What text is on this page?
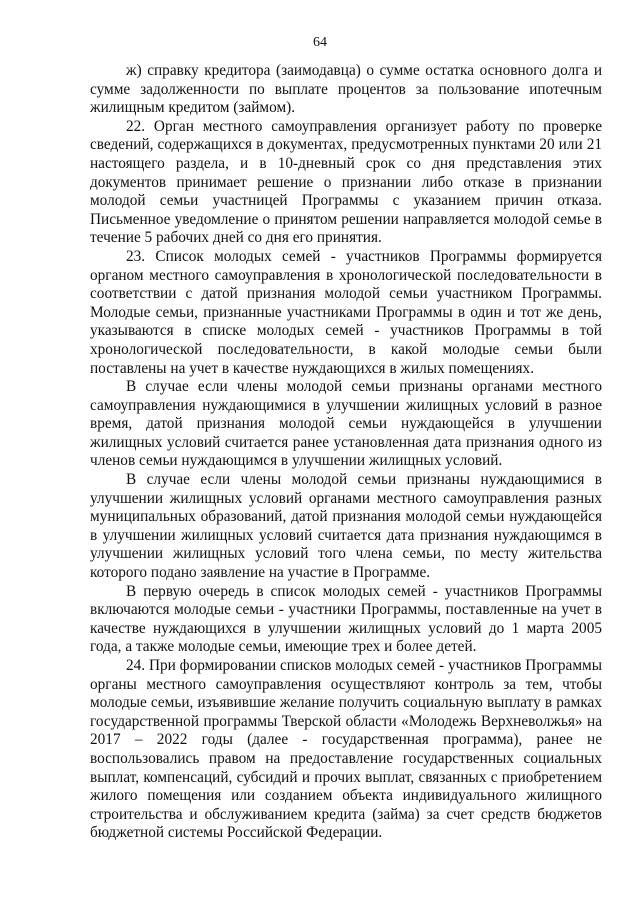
64

ж) справку кредитора (заимодавца) о сумме остатка основного долга и сумме задолженности по выплате процентов за пользование ипотечным жилищным кредитом (займом).

22. Орган местного самоуправления организует работу по проверке сведений, содержащихся в документах, предусмотренных пунктами 20 или 21 настоящего раздела, и в 10-дневный срок со дня представления этих документов принимает решение о признании либо отказе в признании молодой семьи участницей Программы с указанием причин отказа. Письменное уведомление о принятом решении направляется молодой семье в течение 5 рабочих дней со дня его принятия.

23. Список молодых семей - участников Программы формируется органом местного самоуправления в хронологической последовательности в соответствии с датой признания молодой семьи участником Программы. Молодые семьи, признанные участниками Программы в один и тот же день, указываются в списке молодых семей - участников Программы в той хронологической последовательности, в какой молодые семьи были поставлены на учет в качестве нуждающихся в жилых помещениях.

В случае если члены молодой семьи признаны органами местного самоуправления нуждающимися в улучшении жилищных условий в разное время, датой признания молодой семьи нуждающейся в улучшении жилищных условий считается ранее установленная дата признания одного из членов семьи нуждающимся в улучшении жилищных условий.

В случае если члены молодой семьи признаны нуждающимися в улучшении жилищных условий органами местного самоуправления разных муниципальных образований, датой признания молодой семьи нуждающейся в улучшении жилищных условий считается дата признания нуждающимся в улучшении жилищных условий того члена семьи, по месту жительства которого подано заявление на участие в Программе.

В первую очередь в список молодых семей - участников Программы включаются молодые семьи - участники Программы, поставленные на учет в качестве нуждающихся в улучшении жилищных условий до 1 марта 2005 года, а также молодые семьи, имеющие трех и более детей.

24. При формировании списков молодых семей - участников Программы органы местного самоуправления осуществляют контроль за тем, чтобы молодые семьи, изъявившие желание получить социальную выплату в рамках государственной программы Тверской области «Молодежь Верхневолжья» на 2017 – 2022 годы (далее - государственная программа), ранее не воспользовались правом на предоставление государственных социальных выплат, компенсаций, субсидий и прочих выплат, связанных с приобретением жилого помещения или созданием объекта индивидуального жилищного строительства и обслуживанием кредита (займа) за счет средств бюджетов бюджетной системы Российской Федерации.
